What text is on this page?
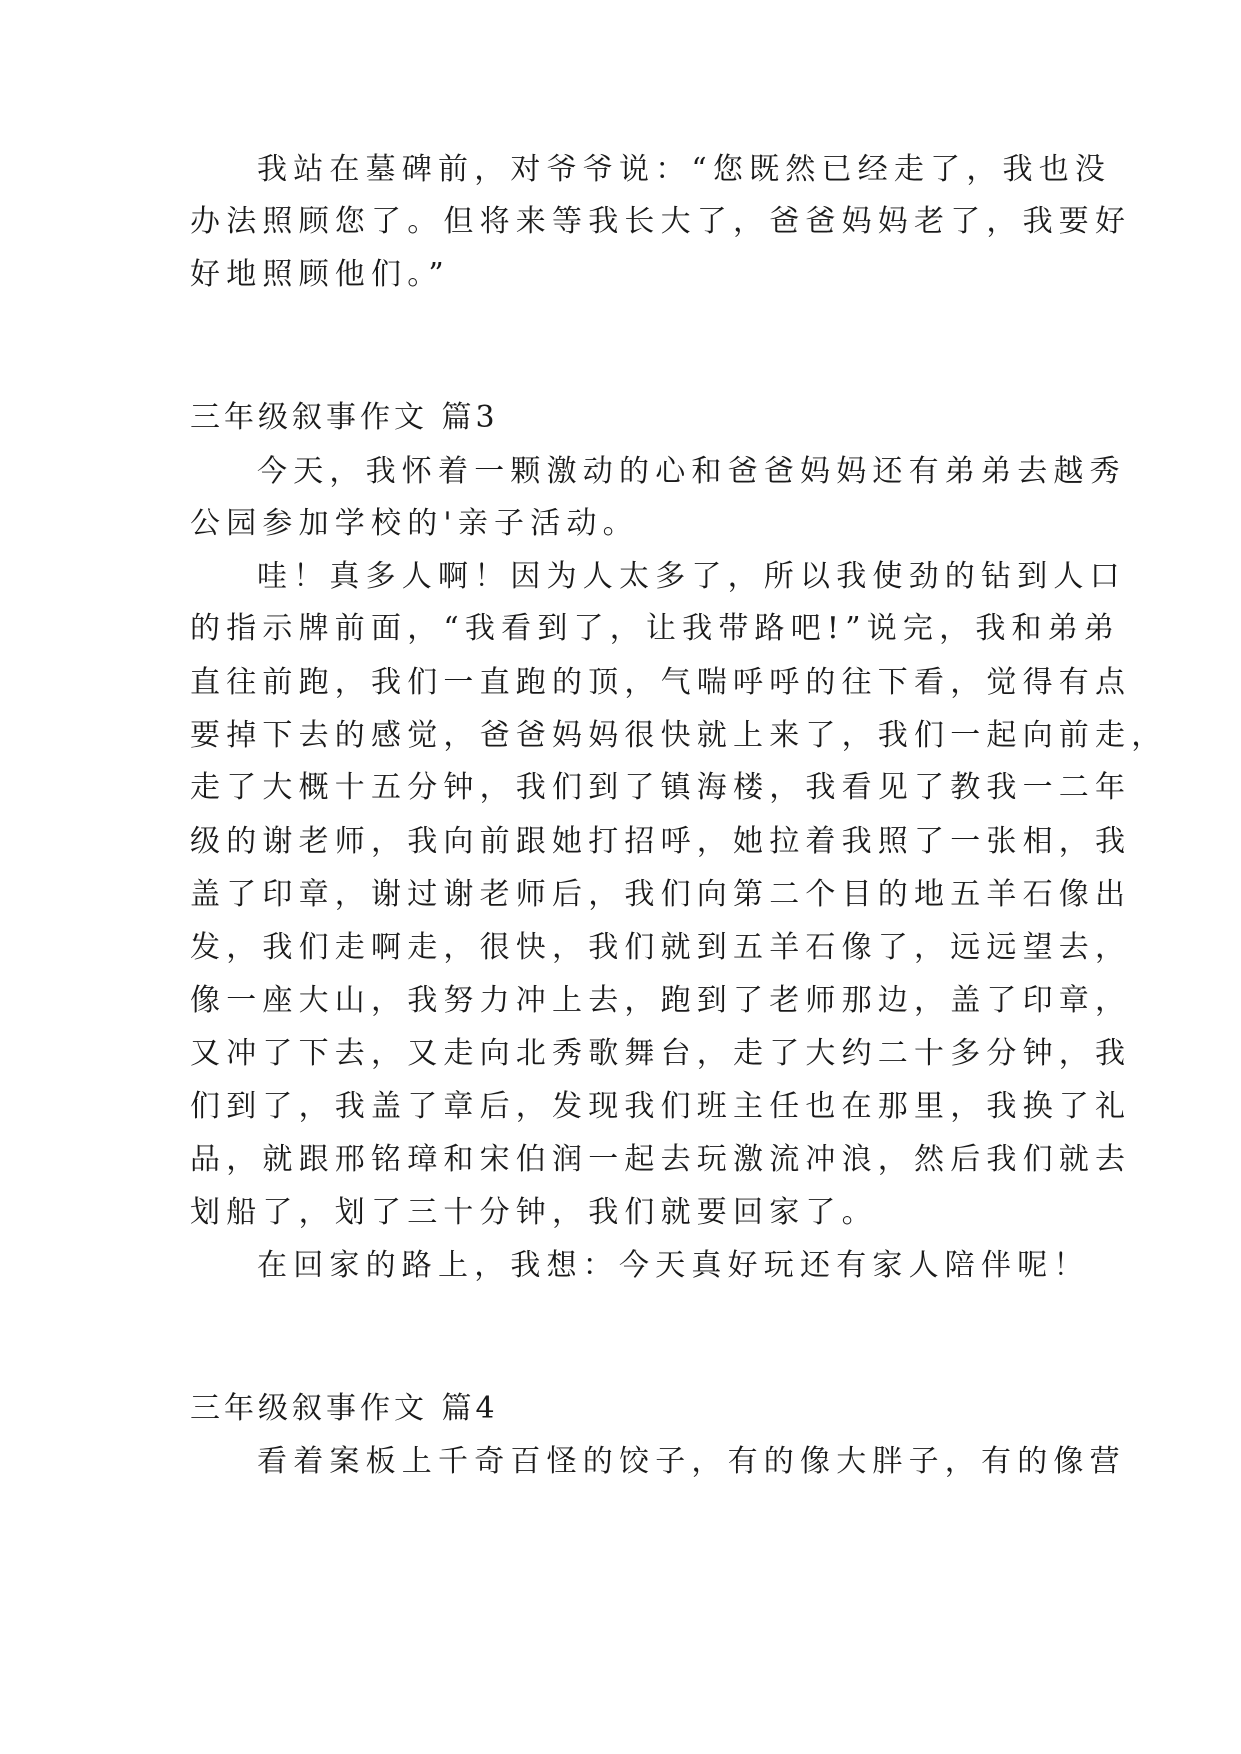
我站在墓碑前，对爷爷说：“您既然已经走了，我也没
办法照顾您了。但将来等我长大了，爸爸妈妈老了，我要好
好地照顾他们。”
三年级叙事作文 篇3
今天，我怀着一颗激动的心和爸爸妈妈还有弟弟去越秀
公园参加学校的'亲子活动。
哇！真多人啊！因为人太多了，所以我使劲的钻到人口
的指示牌前面，“我看到了，让我带路吧!”说完，我和弟弟
直往前跑，我们一直跑的顶，气喘呼呼的往下看，觉得有点
要掉下去的感觉，爸爸妈妈很快就上来了，我们一起向前走，
走了大概十五分钟，我们到了镇海楼，我看见了教我一二年
级的谢老师，我向前跟她打招呼，她拉着我照了一张相，我
盖了印章，谢过谢老师后，我们向第二个目的地五羊石像出
发，我们走啊走，很快，我们就到五羊石像了，远远望去，
像一座大山，我努力冲上去，跑到了老师那边，盖了印章，
又冲了下去，又走向北秀歌舞台，走了大约二十多分钟，我
们到了，我盖了章后，发现我们班主任也在那里，我换了礼
品，就跟邢铭璋和宋伯润一起去玩激流冲浪，然后我们就去
划船了，划了三十分钟，我们就要回家了。
在回家的路上，我想：今天真好玩还有家人陪伴呢！
三年级叙事作文 篇4
看着案板上千奇百怪的饺子，有的像大胖子，有的像营
